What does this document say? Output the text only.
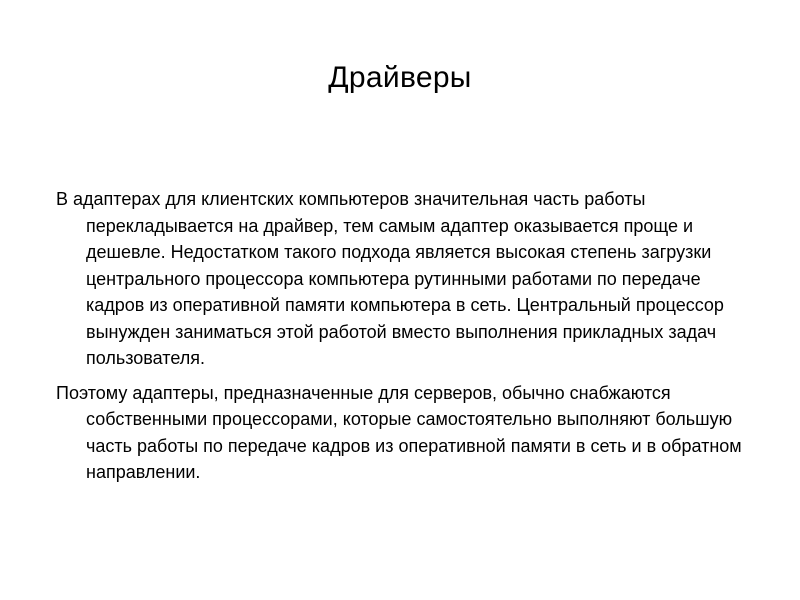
Драйверы

В адаптерах для клиентских компьютеров значительная часть работы перекладывается на драйвер, тем самым адаптер оказывается проще и дешевле. Недостатком такого подхода является высокая степень загрузки центрального процессора компьютера рутинными работами по передаче кадров из оперативной памяти компьютера в сеть. Центральный процессор вынужден заниматься этой работой вместо выполнения прикладных задач пользователя.

Поэтому адаптеры, предназначенные для серверов, обычно снабжаются собственными процессорами, которые самостоятельно выполняют большую часть работы по передаче кадров из оперативной памяти в сеть и в обратном направлении.
